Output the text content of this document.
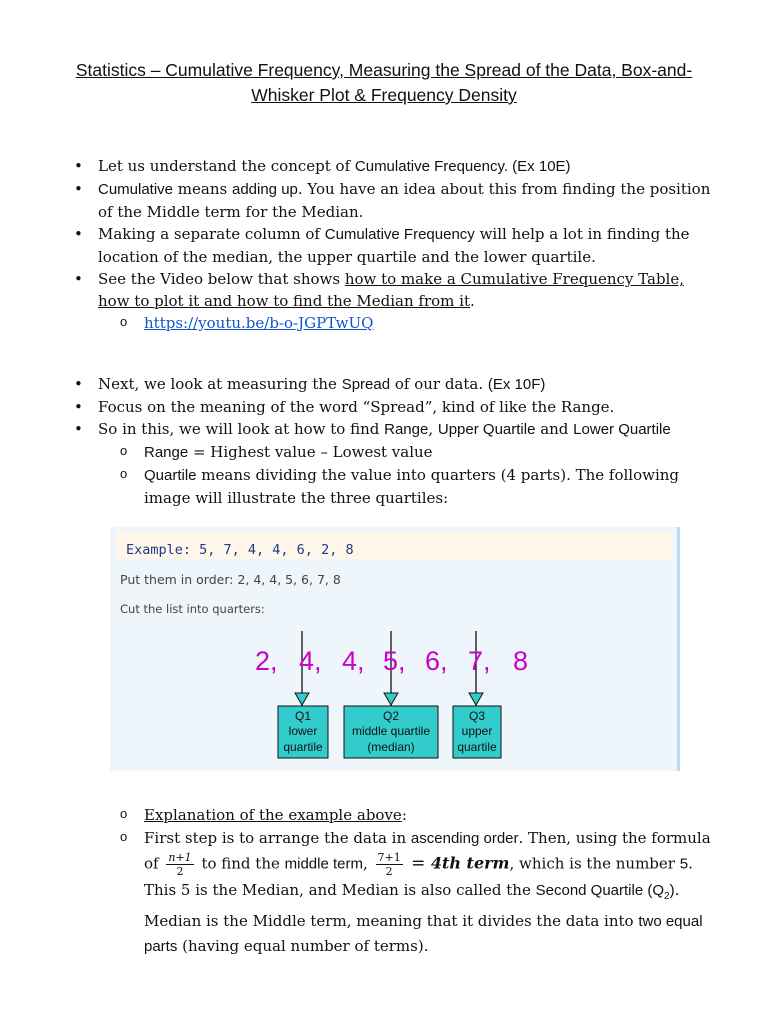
Statistics – Cumulative Frequency, Measuring the Spread of the Data, Box-and-
Whisker Plot & Frequency Density
• Let us understand the concept of Cumulative Frequency. (Ex 10E)
• Cumulative means adding up. You have an idea about this from finding the position of the Middle term for the Median.
• Making a separate column of Cumulative Frequency will help a lot in finding the location of the median, the upper quartile and the lower quartile.
• See the Video below that shows how to make a Cumulative Frequency Table, how to plot it and how to find the Median from it.
o https://youtu.be/b-o-JGPTwUQ
• Next, we look at measuring the Spread of our data. (Ex 10F)
• Focus on the meaning of the word “Spread”, kind of like the Range.
• So in this, we will look at how to find Range, Upper Quartile and Lower Quartile
o Range = Highest value – Lowest value
o Quartile means dividing the value into quarters (4 parts). The following image will illustrate the three quartiles:
Example: 5, 7, 4, 4, 6, 2, 8
Put them in order: 2, 4, 4, 5, 6, 7, 8
Cut the list into quarters:
2, 4, 4, 5, 6, 7, 8
Q1
lower
quartile
Q2
middle quartile
(median)
Q3
upper
quartile
o Explanation of the example above:
o First step is to arrange the data in ascending order. Then, using the formula of $\frac{n+1}{2}$ to find the middle term, $\frac{7+1}{2} = 4th$ term, which is the number 5. This 5 is the Median, and Median is also called the Second Quartile $(Q_2)$. Median is the Middle term, meaning that it divides the data into two equal parts (having equal number of terms).
